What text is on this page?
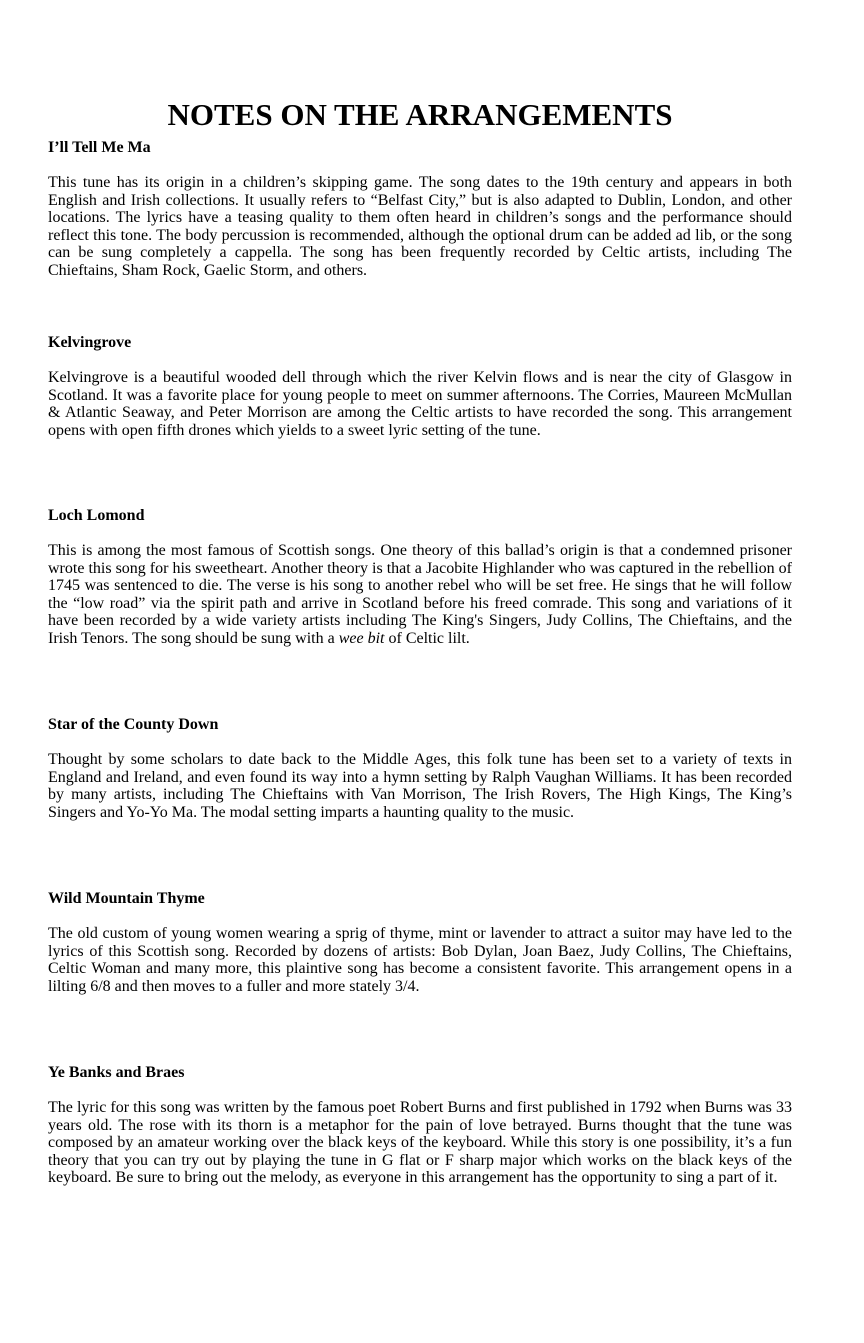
NOTES ON THE ARRANGEMENTS
I’ll Tell Me Ma

This tune has its origin in a children’s skipping game. The song dates to the 19th century and appears in both English and Irish collections. It usually refers to “Belfast City,” but is also adapted to Dublin, London, and other locations. The lyrics have a teasing quality to them often heard in children’s songs and the performance should reflect this tone. The body percussion is recommended, although the optional drum can be added ad lib, or the song can be sung completely a cappella. The song has been frequently recorded by Celtic artists, including The Chieftains, Sham Rock, Gaelic Storm, and others.

Kelvingrove

Kelvingrove is a beautiful wooded dell through which the river Kelvin flows and is near the city of Glasgow in Scotland. It was a favorite place for young people to meet on summer afternoons. The Corries, Maureen McMullan & Atlantic Seaway, and Peter Morrison are among the Celtic artists to have recorded the song. This arrangement opens with open fifth drones which yields to a sweet lyric setting of the tune.

Loch Lomond

This is among the most famous of Scottish songs. One theory of this ballad’s origin is that a condemned prisoner wrote this song for his sweetheart. Another theory is that a Jacobite Highlander who was captured in the rebellion of 1745 was sentenced to die. The verse is his song to another rebel who will be set free. He sings that he will follow the “low road” via the spirit path and arrive in Scotland before his freed comrade. This song and variations of it have been recorded by a wide variety artists including The King's Singers, Judy Collins, The Chieftains, and the Irish Tenors. The song should be sung with a wee bit of Celtic lilt.

Star of the County Down

Thought by some scholars to date back to the Middle Ages, this folk tune has been set to a variety of texts in England and Ireland, and even found its way into a hymn setting by Ralph Vaughan Williams. It has been recorded by many artists, including The Chieftains with Van Morrison, The Irish Rovers, The High Kings, The King’s Singers and Yo-Yo Ma. The modal setting imparts a haunting quality to the music.

Wild Mountain Thyme

The old custom of young women wearing a sprig of thyme, mint or lavender to attract a suitor may have led to the lyrics of this Scottish song. Recorded by dozens of artists: Bob Dylan, Joan Baez, Judy Collins, The Chieftains, Celtic Woman and many more, this plaintive song has become a consistent favorite. This arrangement opens in a lilting 6/8 and then moves to a fuller and more stately 3/4.

Ye Banks and Braes

The lyric for this song was written by the famous poet Robert Burns and first published in 1792 when Burns was 33 years old. The rose with its thorn is a metaphor for the pain of love betrayed. Burns thought that the tune was composed by an amateur working over the black keys of the keyboard. While this story is one possibility, it’s a fun theory that you can try out by playing the tune in G flat or F sharp major which works on the black keys of the keyboard. Be sure to bring out the melody, as everyone in this arrangement has the opportunity to sing a part of it.
